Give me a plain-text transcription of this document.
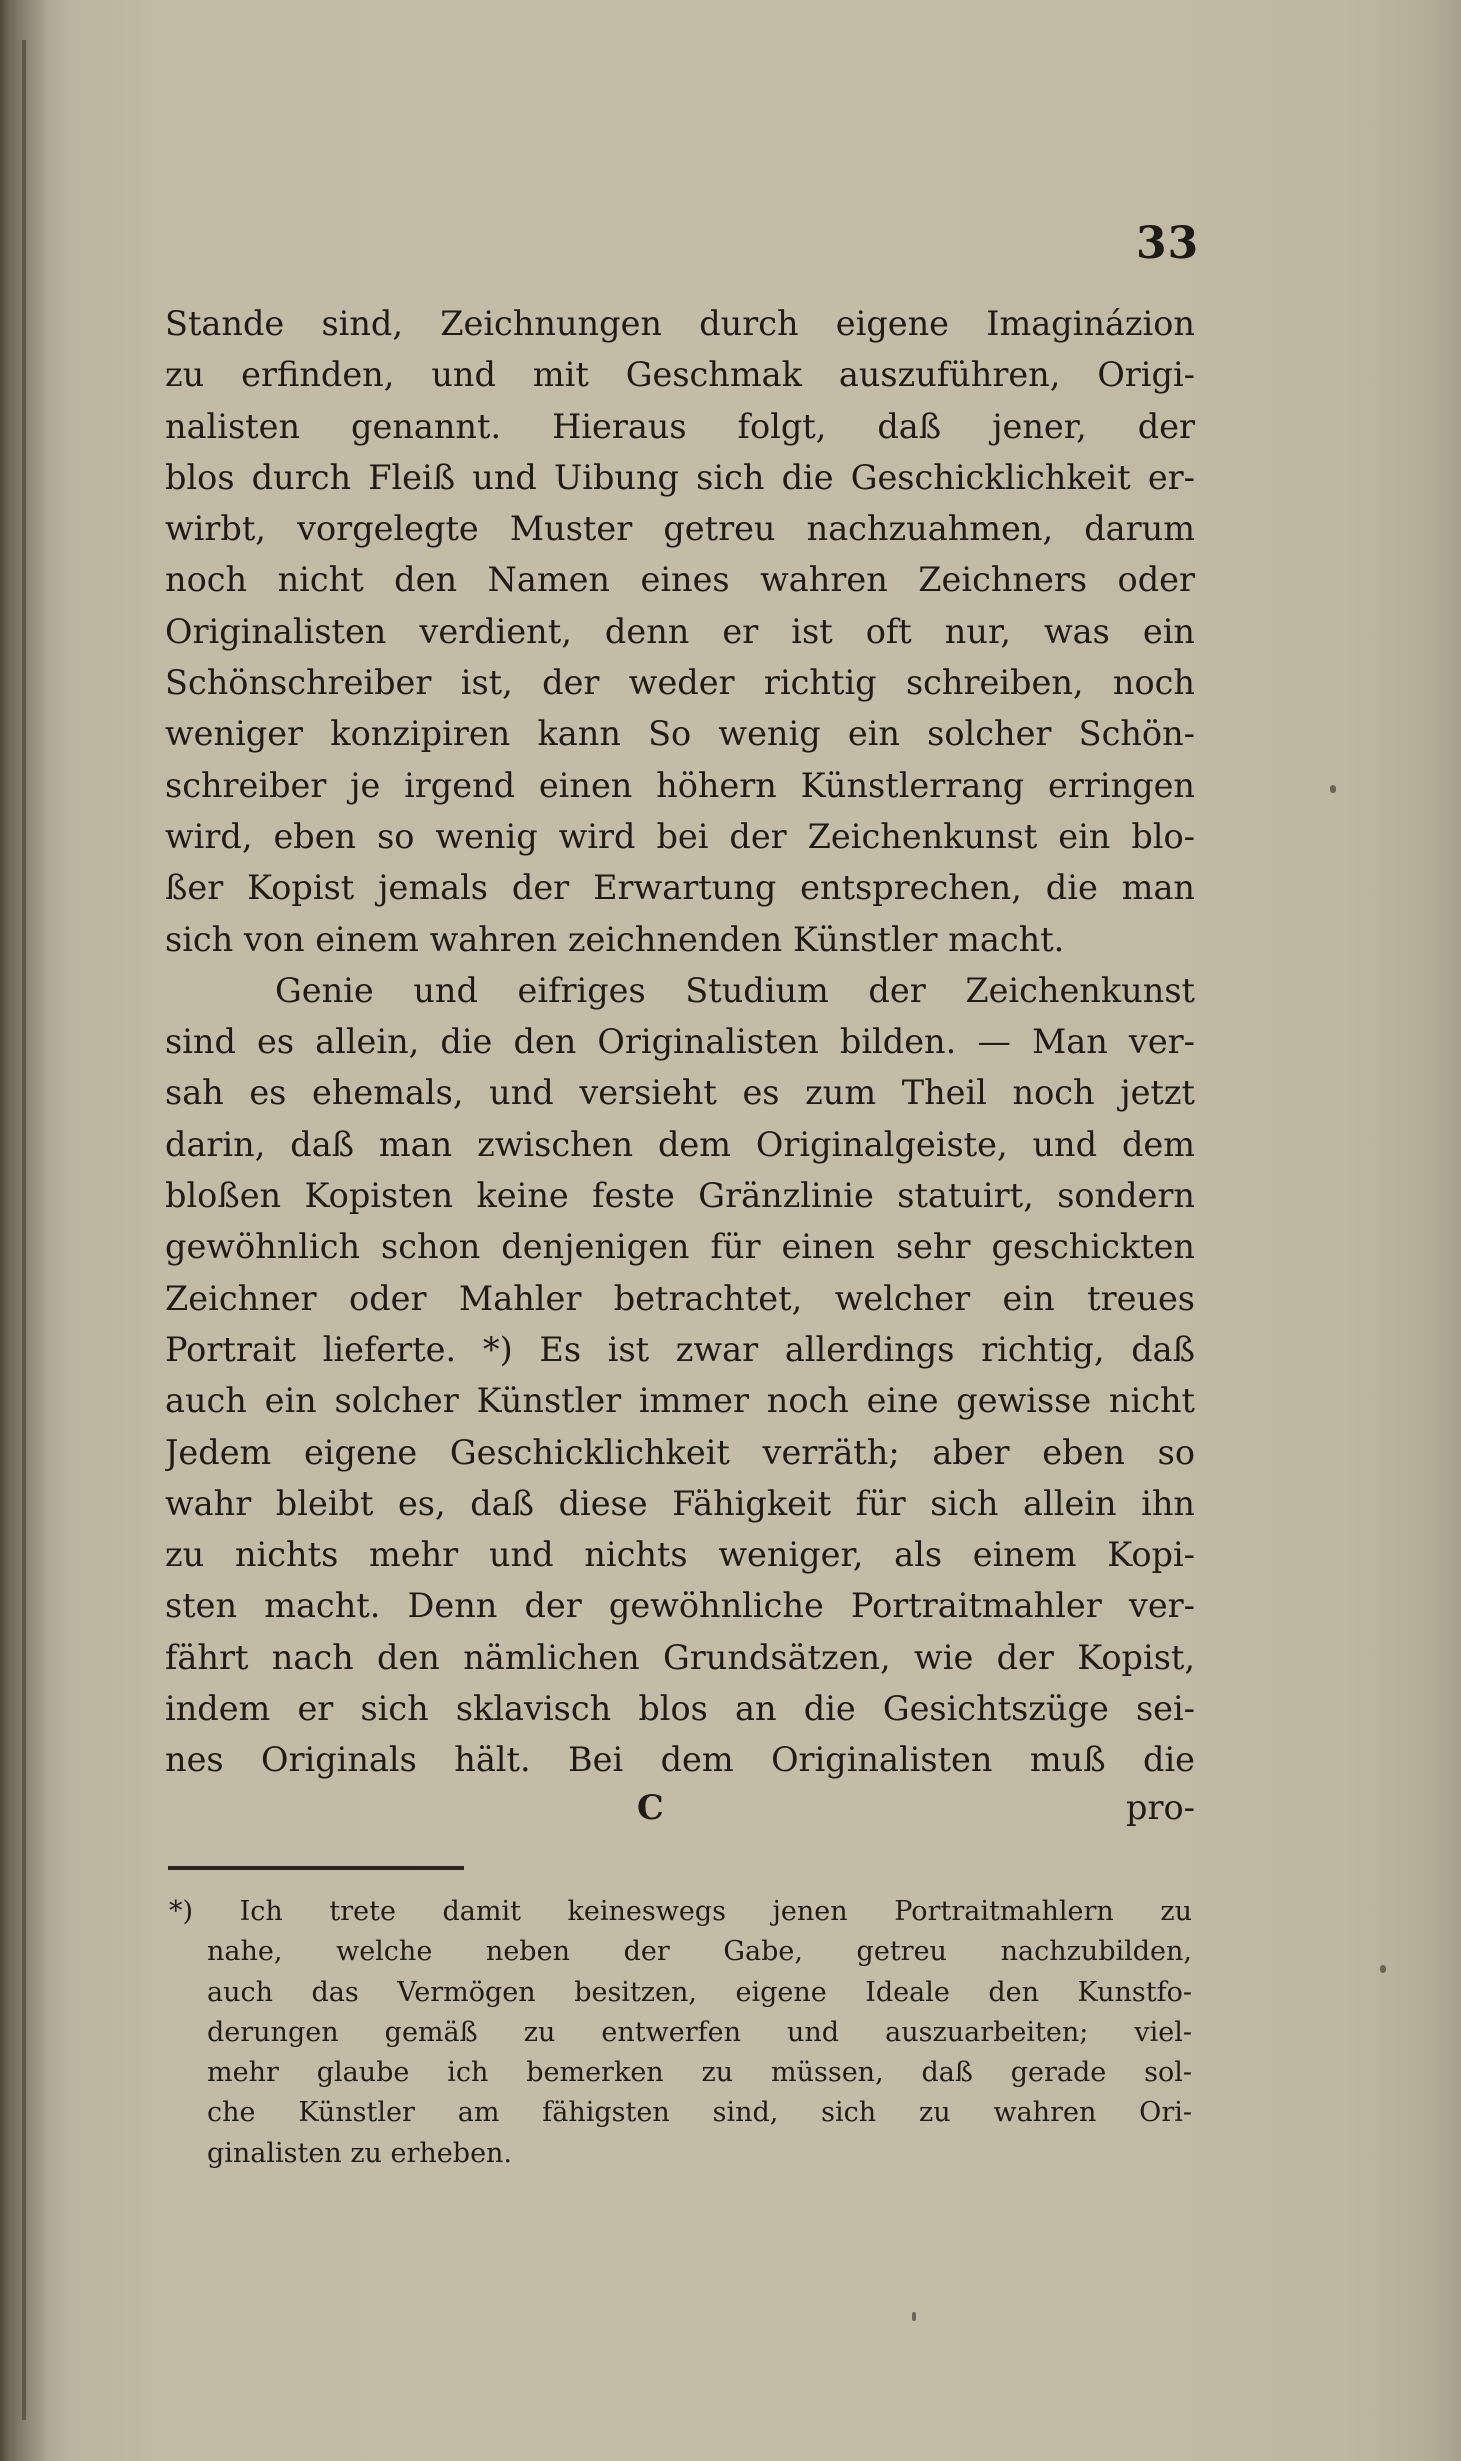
33
Stande sind, Zeichnungen durch eigene Imaginázion
zu erfinden, und mit Geschmak auszuführen, Origi-
nalisten genannt. Hieraus folgt, daß jener, der
blos durch Fleiß und Uibung sich die Geschicklichkeit er-
wirbt, vorgelegte Muster getreu nachzuahmen, darum
noch nicht den Namen eines wahren Zeichners oder
Originalisten verdient, denn er ist oft nur, was ein
Schönschreiber ist, der weder richtig schreiben, noch
weniger konzipiren kann So wenig ein solcher Schön-
schreiber je irgend einen höhern Künstlerrang erringen
wird, eben so wenig wird bei der Zeichenkunst ein blo-
ßer Kopist jemals der Erwartung entsprechen, die man
sich von einem wahren zeichnenden Künstler macht.
Genie und eifriges Studium der Zeichenkunst
sind es allein, die den Originalisten bilden. — Man ver-
sah es ehemals, und versieht es zum Theil noch jetzt
darin, daß man zwischen dem Originalgeiste, und dem
bloßen Kopisten keine feste Gränzlinie statuirt, sondern
gewöhnlich schon denjenigen für einen sehr geschickten
Zeichner oder Mahler betrachtet, welcher ein treues
Portrait lieferte. *) Es ist zwar allerdings richtig, daß
auch ein solcher Künstler immer noch eine gewisse nicht
Jedem eigene Geschicklichkeit verräth; aber eben so
wahr bleibt es, daß diese Fähigkeit für sich allein ihn
zu nichts mehr und nichts weniger, als einem Kopi-
sten macht. Denn der gewöhnliche Portraitmahler ver-
fährt nach den nämlichen Grundsätzen, wie der Kopist,
indem er sich sklavisch blos an die Gesichtszüge sei-
nes Originals hält. Bei dem Originalisten muß die
C	pro-
*) Ich trete damit keineswegs jenen Portraitmahlern zu
nahe, welche neben der Gabe, getreu nachzubilden,
auch das Vermögen besitzen, eigene Ideale den Kunstfo-
derungen gemäß zu entwerfen und auszuarbeiten; viel-
mehr glaube ich bemerken zu müssen, daß gerade sol-
che Künstler am fähigsten sind, sich zu wahren Ori-
ginalisten zu erheben.
